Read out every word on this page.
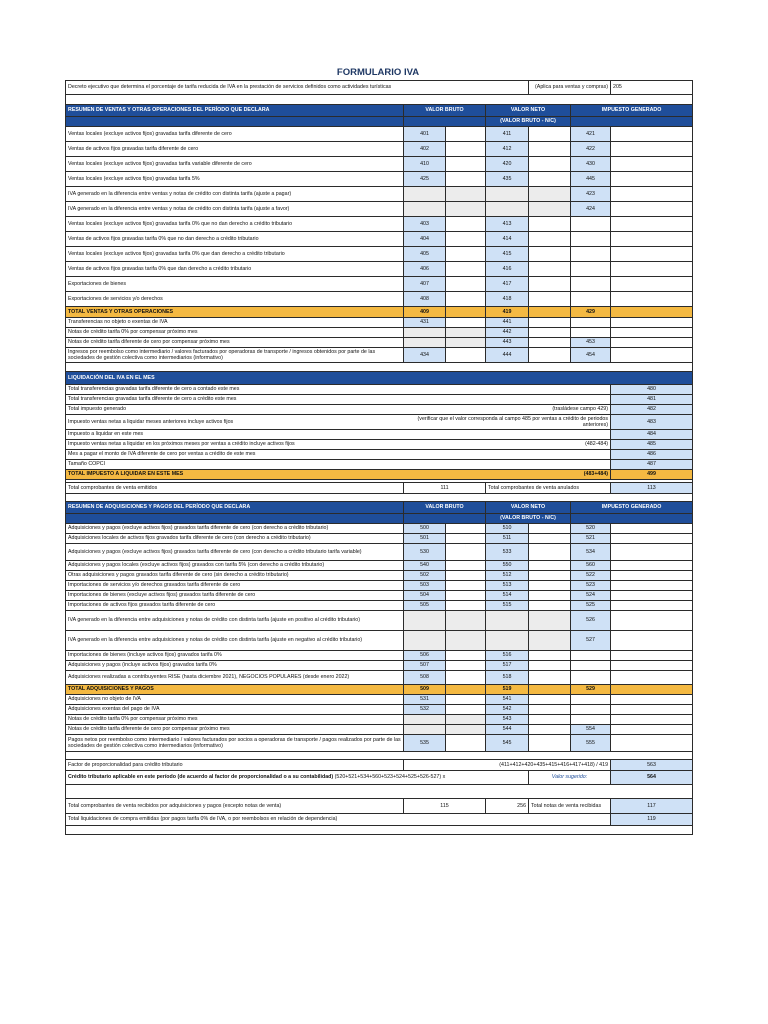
FORMULARIO IVA
Decreto ejecutivo que determina el porcentaje de tarifa reducida de IVA en la prestación de servicios definidos como actividades turísticas				(Aplica para ventas y compras)		205

RESUMEN DE VENTAS Y OTRAS OPERACIONES DEL PERÍODO QUE DECLARA	VALOR BRUTO		VALOR NETO		IMPUESTO GENERADO	
			(VALOR BRUTO - N/C)			
Ventas locales (excluye activos fijos) gravadas tarifa diferente de cero	401		411		421	
Ventas de activos fijos gravadas tarifa diferente de cero	402		412		422	
Ventas locales (excluye activos fijos) gravadas tarifa variable diferente de cero	410		420		430	
Ventas locales (excluye activos fijos) gravadas tarifa 5%	425		435		445	
IVA generado en la diferencia entre ventas y notas de crédito con distinta tarifa (ajuste a pagar)					423	
IVA generado en la diferencia entre ventas y notas de crédito con distinta tarifa (ajuste a favor)					424	
Ventas locales (excluye activos fijos) gravadas tarifa 0% que no dan derecho a crédito tributario	403		413			
Ventas de activos fijos gravadas tarifa 0% que no dan derecho a crédito tributario	404		414			
Ventas locales (excluye activos fijos) gravadas tarifa 0% que dan derecho a crédito tributario	405		415			
Ventas de activos fijos gravadas tarifa 0% que dan derecho a crédito tributario	406		416			
Exportaciones de bienes	407		417			
Exportaciones de servicios y/o derechos	408		418			
TOTAL VENTAS Y OTRAS OPERACIONES	409		419		429	
Transferencias no objeto o exentas de IVA	431		441			
Notas de crédito tarifa 0% por compensar próximo mes			442			
Notas de crédito tarifa diferente de cero por compensar próximo mes			443		453	
Ingresos por reembolso como intermediario / valores facturados por operadoras de transporte / ingresos obtenidos por parte de las sociedades de gestión colectiva como intermediarios (informativo)	434		444		454	

LIQUIDACIÓN DEL IVA EN EL MES						
Total transferencias gravadas tarifa diferente de cero a contado este mes						480
Total transferencias gravadas tarifa diferente de cero a crédito este mes						481
Total impuesto generado	(trasládese campo 429)					482
Impuesto ventas netas a liquidar meses anteriores incluye activos fijos	(verificar que el valor corresponda al campo 485 por ventas a crédito de periodos anteriores)					483
Impuesto a liquidar en este mes						484
Impuesto ventas netas a liquidar en los próximos meses por ventas a crédito incluye activos fijos	(482-484)					485
Mes a pagar el monto de IVA diferente de cero por ventas a crédito de este mes						486
Tamaño COPCI						487
TOTAL IMPUESTO A LIQUIDAR EN ESTE MES	(483+484)					499

Total comprobantes de venta emitidos	111		Total comprobantes de venta anulados			113

RESUMEN DE ADQUISICIONES Y PAGOS DEL PERÍODO QUE DECLARA	VALOR BRUTO		VALOR NETO		IMPUESTO GENERADO	
			(VALOR BRUTO - N/C)			
Adquisiciones y pagos (excluye activos fijos) gravados tarifa diferente de cero (con derecho a crédito tributario)	500		510		520	
Adquisiciones locales de activos fijos gravados tarifa diferente de cero (con derecho a crédito tributario)	501		511		521	
Adquisiciones y pagos (excluye activos fijos) gravados tarifa diferente de cero (con derecho a crédito tributario tarifa variable)	530		533		534	
Adquisiciones y pagos locales (excluye activos fijos) gravados con tarifa 5% (con derecho a crédito tributario)	540		550		560	
Otras adquisiciones y pagos gravados tarifa diferente de cero (sin derecho a crédito tributario)	502		512		522	
Importaciones de servicios y/o derechos gravados tarifa diferente de cero	503		513		523	
Importaciones de bienes (excluye activos fijos) gravados tarifa diferente de cero	504		514		524	
Importaciones de activos fijos gravados tarifa diferente de cero	505		515		525	
IVA generado en la diferencia entre adquisiciones y notas de crédito con distinta tarifa (ajuste en positivo al crédito tributario)					526	
IVA generado en la diferencia entre adquisiciones y notas de crédito con distinta tarifa (ajuste en negativo al crédito tributario)					527	
Importaciones de bienes (incluye activos fijos) gravados tarifa 0%	506		516			
Adquisiciones y pagos (incluye activos fijos) gravados tarifa 0%	507		517			
Adquisiciones realizadas a contribuyentes RISE (hasta diciembre 2021), NEGOCIOS POPULARES (desde enero 2022)	508		518			
TOTAL ADQUISICIONES Y PAGOS	509		519		529	
Adquisiciones no objeto de IVA	531		541			
Adquisiciones exentas del pago de IVA	532		542			
Notas de crédito tarifa 0% por compensar próximo mes			543			
Notas de crédito tarifa diferente de cero por compensar próximo mes			544		554	
Pagos netos por reembolso como intermediario / valores facturados por socios a operadoras de transporte / pagos realizados por parte de las sociedades de gestión colectiva como intermediarios (informativo)	535		545		555	

Factor de proporcionalidad para crédito tributario	(411+412+420+435+415+416+417+418) / 419					563
Crédito tributario aplicable en este período (de acuerdo al factor de proporcionalidad o a su contabilidad) (520+521+534+560+523+524+525+526-527) x				Valor sugerido:		564

Total comprobantes de venta recibidos por adquisiciones y pagos (excepto notas de venta)	115		256	Total notas de venta recibidas		117
Total liquidaciones de compra emitidas (por pagos tarifa 0% de IVA, o por reembolsos en relación de dependencia)						119
